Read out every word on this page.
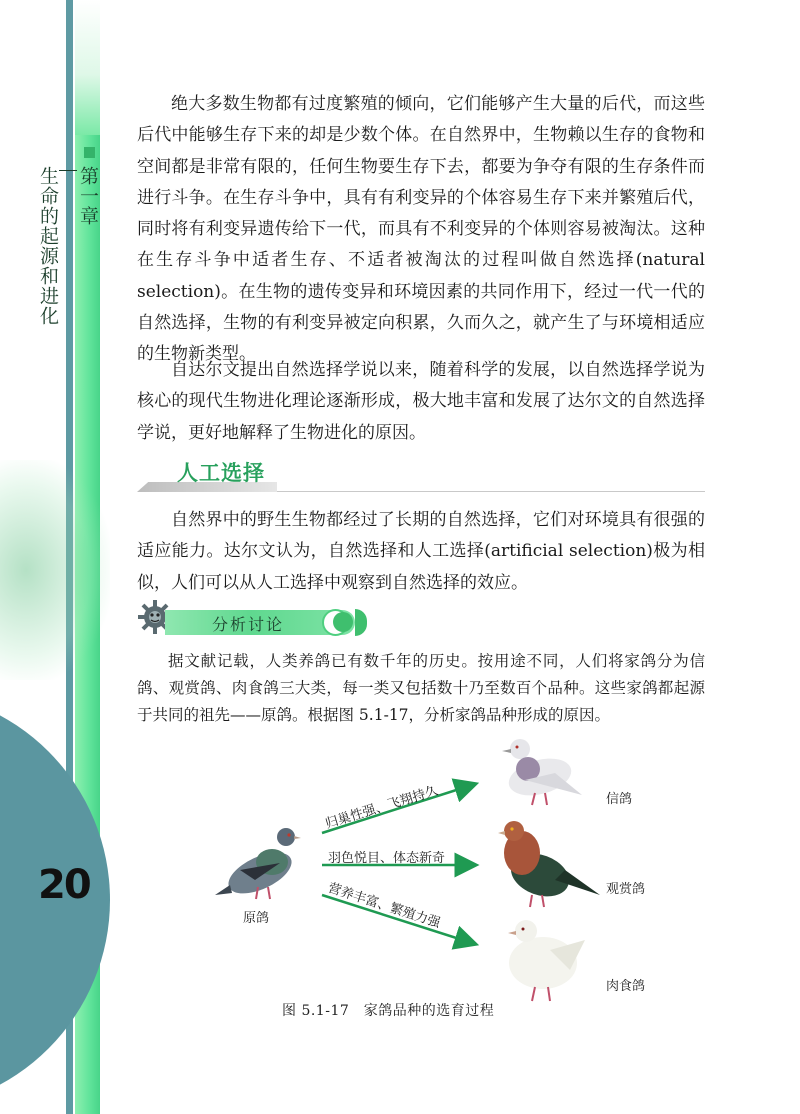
第一章
生命的起源和进化
20

绝大多数生物都有过度繁殖的倾向，它们能够产生大量的后代，而这些后代中能够生存下来的却是少数个体。在自然界中，生物赖以生存的食物和空间都是非常有限的，任何生物要生存下去，都要为争夺有限的生存条件而进行斗争。在生存斗争中，具有有利变异的个体容易生存下来并繁殖后代，同时将有利变异遗传给下一代，而具有不利变异的个体则容易被淘汰。这种在生存斗争中适者生存、不适者被淘汰的过程叫做自然选择(natural selection)。在生物的遗传变异和环境因素的共同作用下，经过一代一代的自然选择，生物的有利变异被定向积累，久而久之，就产生了与环境相适应的生物新类型。

自达尔文提出自然选择学说以来，随着科学的发展，以自然选择学说为核心的现代生物进化理论逐渐形成，极大地丰富和发展了达尔文的自然选择学说，更好地解释了生物进化的原因。

人工选择

自然界中的野生生物都经过了长期的自然选择，它们对环境具有很强的适应能力。达尔文认为，自然选择和人工选择(artificial selection)极为相似，人们可以从人工选择中观察到自然选择的效应。

分析讨论

据文献记载，人类养鸽已有数千年的历史。按用途不同，人们将家鸽分为信鸽、观赏鸽、肉食鸽三大类，每一类又包括数十乃至数百个品种。这些家鸽都起源于共同的祖先——原鸽。根据图 5.1-17，分析家鸽品种形成的原因。

原鸽
归巢性强、飞翔持久
羽色悦目、体态新奇
营养丰富、繁殖力强
信鸽
观赏鸽
肉食鸽
图 5.1-17　家鸽品种的选育过程
